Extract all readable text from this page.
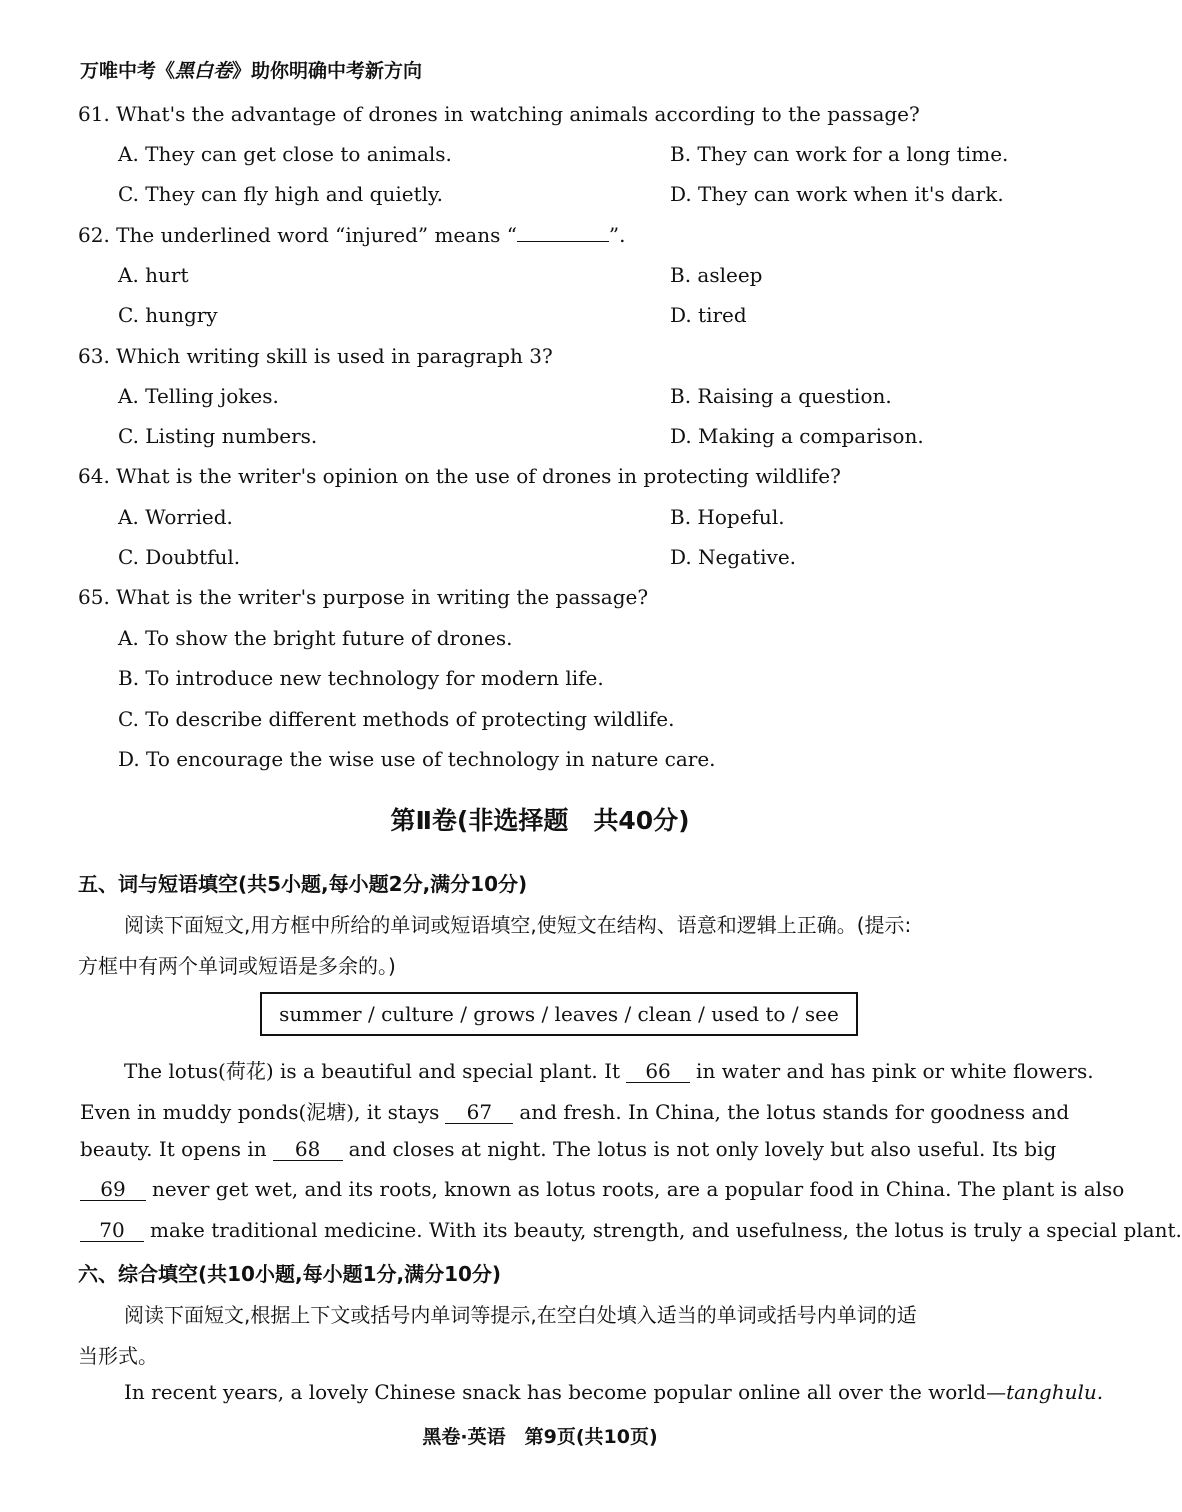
万唯中考《黑白卷》助你明确中考新方向
61. What's the advantage of drones in watching animals according to the passage?
A. They can get close to animals.	B. They can work for a long time.
C. They can fly high and quietly.	D. They can work when it's dark.
62. The underlined word “injured” means “	”.
A. hurt	B. asleep
C. hungry	D. tired
63. Which writing skill is used in paragraph 3?
A. Telling jokes.	B. Raising a question.
C. Listing numbers.	D. Making a comparison.
64. What is the writer's opinion on the use of drones in protecting wildlife?
A. Worried.	B. Hopeful.
C. Doubtful.	D. Negative.
65. What is the writer's purpose in writing the passage?
A. To show the bright future of drones.
B. To introduce new technology for modern life.
C. To describe different methods of protecting wildlife.
D. To encourage the wise use of technology in nature care.
第Ⅱ卷(非选择题　共40分)
五、词与短语填空(共5小题,每小题2分,满分10分)
阅读下面短文,用方框中所给的单词或短语填空,使短文在结构、语意和逻辑上正确。(提示:
方框中有两个单词或短语是多余的。)
summer / culture / grows / leaves / clean / used to / see
The lotus(荷花) is a beautiful and special plant. It 66 in water and has pink or white flowers.
Even in muddy ponds(泥塘), it stays 67 and fresh. In China, the lotus stands for goodness and
beauty. It opens in 68 and closes at night. The lotus is not only lovely but also useful. Its big
69 never get wet, and its roots, known as lotus roots, are a popular food in China. The plant is also
70 make traditional medicine. With its beauty, strength, and usefulness, the lotus is truly a special plant.
六、综合填空(共10小题,每小题1分,满分10分)
阅读下面短文,根据上下文或括号内单词等提示,在空白处填入适当的单词或括号内单词的适
当形式。
In recent years, a lovely Chinese snack has become popular online all over the world—tanghulu.
黑卷·英语　第9页(共10页)
